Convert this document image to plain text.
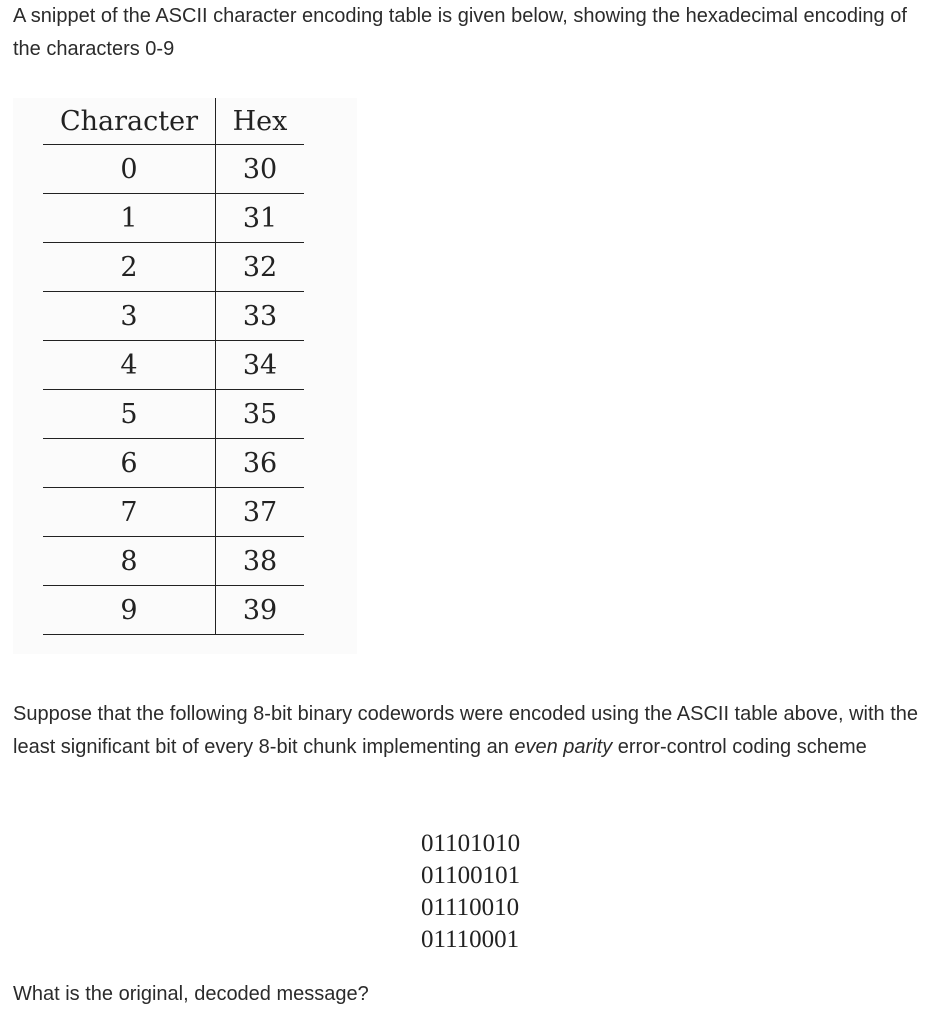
A snippet of the ASCII character encoding table is given below, showing the hexadecimal encoding of the characters 0-9

Character	Hex
0	30
1	31
2	32
3	33
4	34
5	35
6	36
7	37
8	38
9	39

Suppose that the following 8-bit binary codewords were encoded using the ASCII table above, with the least significant bit of every 8-bit chunk implementing an even parity error-control coding scheme

01101010
01100101
01110010
01110001

What is the original, decoded message?
